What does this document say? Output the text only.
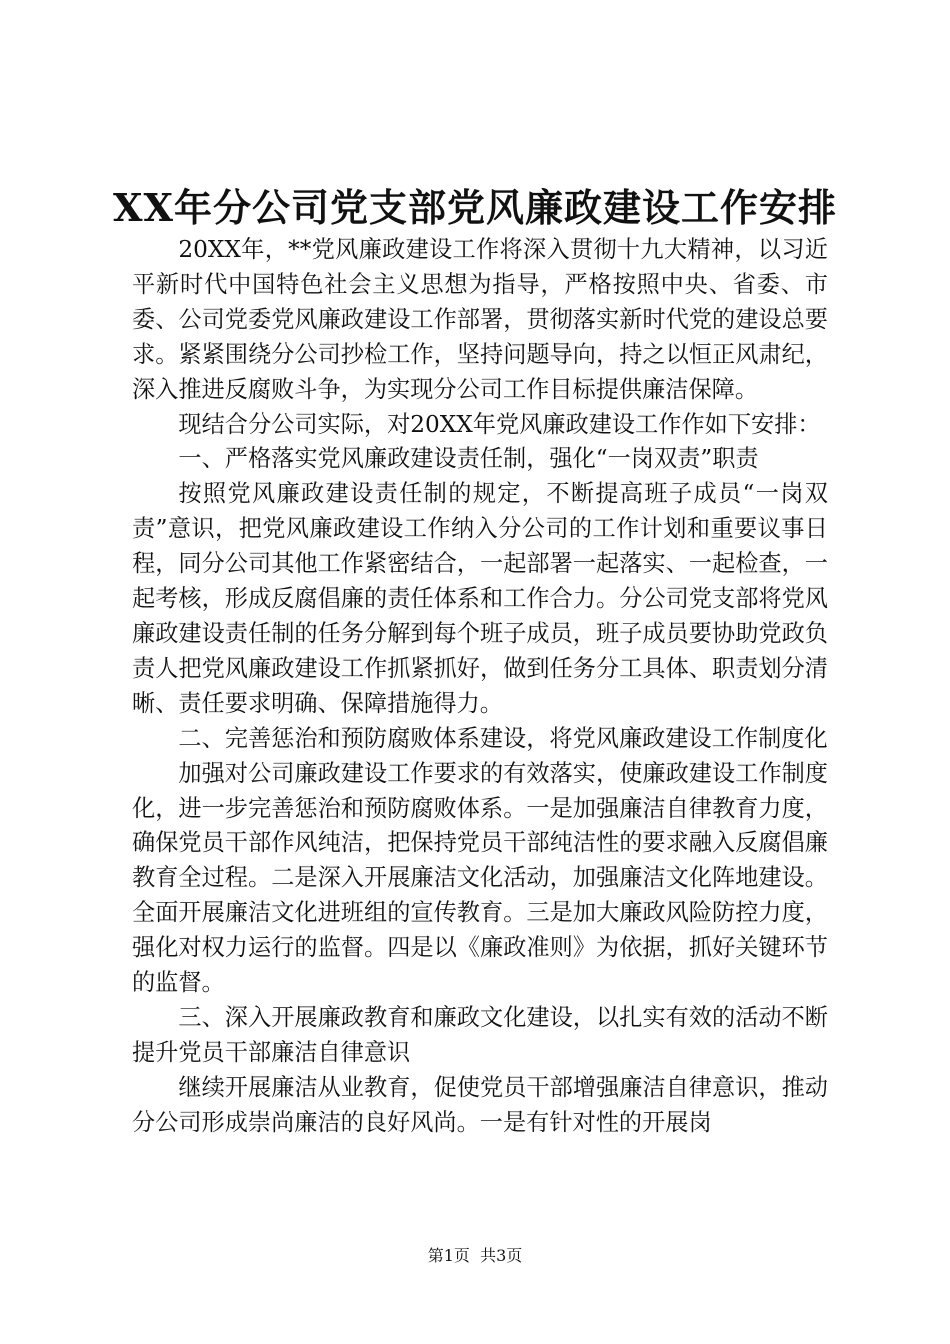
XX年分公司党支部党风廉政建设工作安排

20XX年，**党风廉政建设工作将深入贯彻十九大精神，以习近平新时代中国特色社会主义思想为指导，严格按照中央、省委、市委、公司党委党风廉政建设工作部署，贯彻落实新时代党的建设总要求。紧紧围绕分公司抄检工作，坚持问题导向，持之以恒正风肃纪，深入推进反腐败斗争，为实现分公司工作目标提供廉洁保障。

现结合分公司实际，对20XX年党风廉政建设工作作如下安排：

一、严格落实党风廉政建设责任制，强化“一岗双责”职责

按照党风廉政建设责任制的规定，不断提高班子成员“一岗双责”意识，把党风廉政建设工作纳入分公司的工作计划和重要议事日程，同分公司其他工作紧密结合，一起部署一起落实、一起检查，一起考核，形成反腐倡廉的责任体系和工作合力。分公司党支部将党风廉政建设责任制的任务分解到每个班子成员，班子成员要协助党政负责人把党风廉政建设工作抓紧抓好，做到任务分工具体、职责划分清晰、责任要求明确、保障措施得力。

二、完善惩治和预防腐败体系建设，将党风廉政建设工作制度化

加强对公司廉政建设工作要求的有效落实，使廉政建设工作制度化，进一步完善惩治和预防腐败体系。一是加强廉洁自律教育力度，确保党员干部作风纯洁，把保持党员干部纯洁性的要求融入反腐倡廉教育全过程。二是深入开展廉洁文化活动，加强廉洁文化阵地建设。全面开展廉洁文化进班组的宣传教育。三是加大廉政风险防控力度，强化对权力运行的监督。四是以《廉政准则》为依据，抓好关键环节的监督。

三、深入开展廉政教育和廉政文化建设，以扎实有效的活动不断提升党员干部廉洁自律意识

继续开展廉洁从业教育，促使党员干部增强廉洁自律意识，推动分公司形成崇尚廉洁的良好风尚。一是有针对性的开展岗

第1页  共3页
